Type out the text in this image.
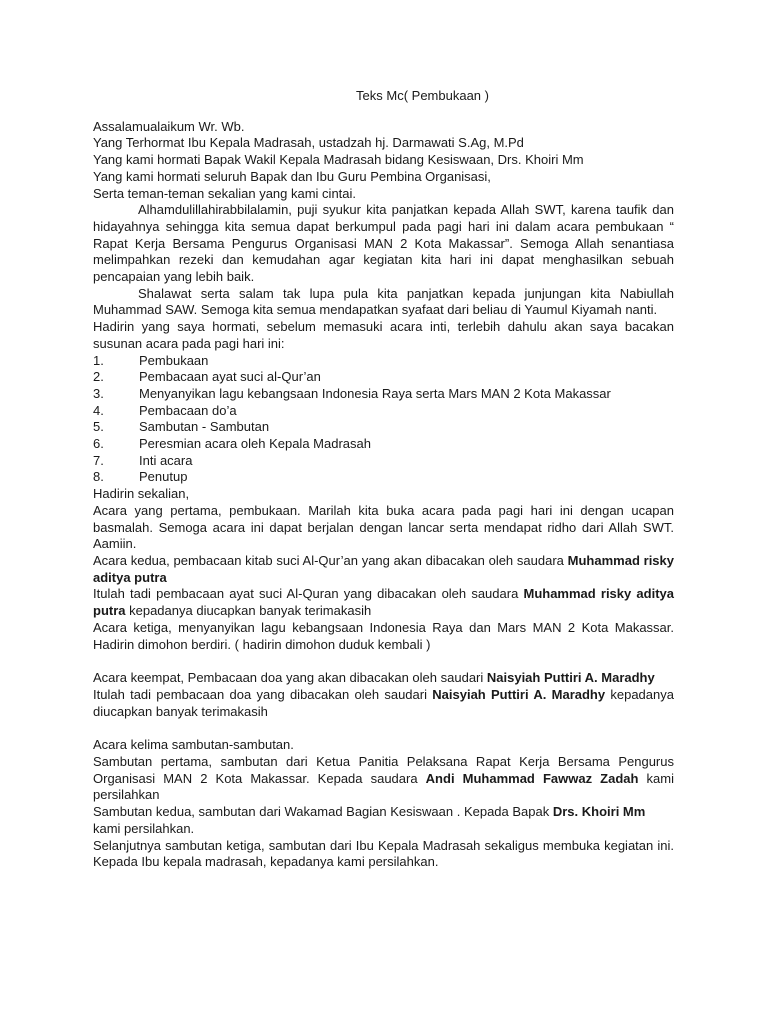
Teks Mc( Pembukaan )

Assalamualaikum Wr. Wb.

Yang Terhormat Ibu Kepala Madrasah, ustadzah hj. Darmawati S.Ag, M.Pd

Yang kami hormati Bapak Wakil Kepala Madrasah bidang Kesiswaan, Drs. Khoiri Mm

Yang kami hormati seluruh Bapak dan Ibu Guru Pembina Organisasi,

Serta teman-teman sekalian yang kami cintai.

Alhamdulillahirabbilalamin, puji syukur kita panjatkan kepada Allah SWT, karena taufik dan hidayahnya sehingga kita semua dapat berkumpul pada pagi hari ini dalam acara pembukaan “ Rapat Kerja Bersama Pengurus Organisasi MAN 2 Kota Makassar”. Semoga Allah senantiasa melimpahkan rezeki dan kemudahan agar kegiatan kita hari ini dapat menghasilkan sebuah pencapaian yang lebih baik.

Shalawat serta salam tak lupa pula kita panjatkan kepada junjungan kita Nabiullah Muhammad SAW. Semoga kita semua mendapatkan syafaat dari beliau di Yaumul Kiyamah nanti.

Hadirin yang saya hormati, sebelum memasuki acara inti, terlebih dahulu akan saya bacakan susunan acara pada pagi hari ini:

1.	Pembukaan

2.	Pembacaan ayat suci al-Qur’an

3.	Menyanyikan lagu kebangsaan Indonesia Raya serta Mars MAN 2 Kota Makassar

4.	Pembacaan do’a

5.	Sambutan - Sambutan

6.	Peresmian acara oleh Kepala Madrasah

7.	Inti acara

8.	Penutup

Hadirin sekalian,

Acara yang pertama, pembukaan. Marilah kita buka acara pada pagi hari ini dengan ucapan basmalah. Semoga acara ini dapat berjalan dengan lancar serta mendapat ridho dari Allah SWT. Aamiin.

Acara kedua, pembacaan kitab suci Al-Qur’an yang akan dibacakan oleh saudara Muhammad risky aditya putra

Itulah tadi pembacaan ayat suci Al-Quran yang dibacakan oleh saudara Muhammad risky aditya putra kepadanya diucapkan banyak terimakasih

Acara ketiga, menyanyikan lagu kebangsaan Indonesia Raya dan Mars MAN 2 Kota Makassar. Hadirin dimohon berdiri. ( hadirin dimohon duduk kembali )

Acara keempat, Pembacaan doa yang akan dibacakan oleh saudari Naisyiah Puttiri A. Maradhy

Itulah tadi pembacaan doa yang dibacakan oleh saudari Naisyiah Puttiri A. Maradhy kepadanya diucapkan banyak terimakasih

Acara kelima sambutan-sambutan.

Sambutan pertama, sambutan dari Ketua Panitia Pelaksana Rapat Kerja Bersama Pengurus Organisasi MAN 2 Kota Makassar. Kepada saudara Andi Muhammad Fawwaz Zadah kami persilahkan

Sambutan kedua, sambutan dari Wakamad Bagian Kesiswaan . Kepada Bapak Drs. Khoiri Mm kami persilahkan.

Selanjutnya sambutan ketiga, sambutan dari Ibu Kepala Madrasah sekaligus membuka kegiatan ini. Kepada Ibu kepala madrasah, kepadanya kami persilahkan.
